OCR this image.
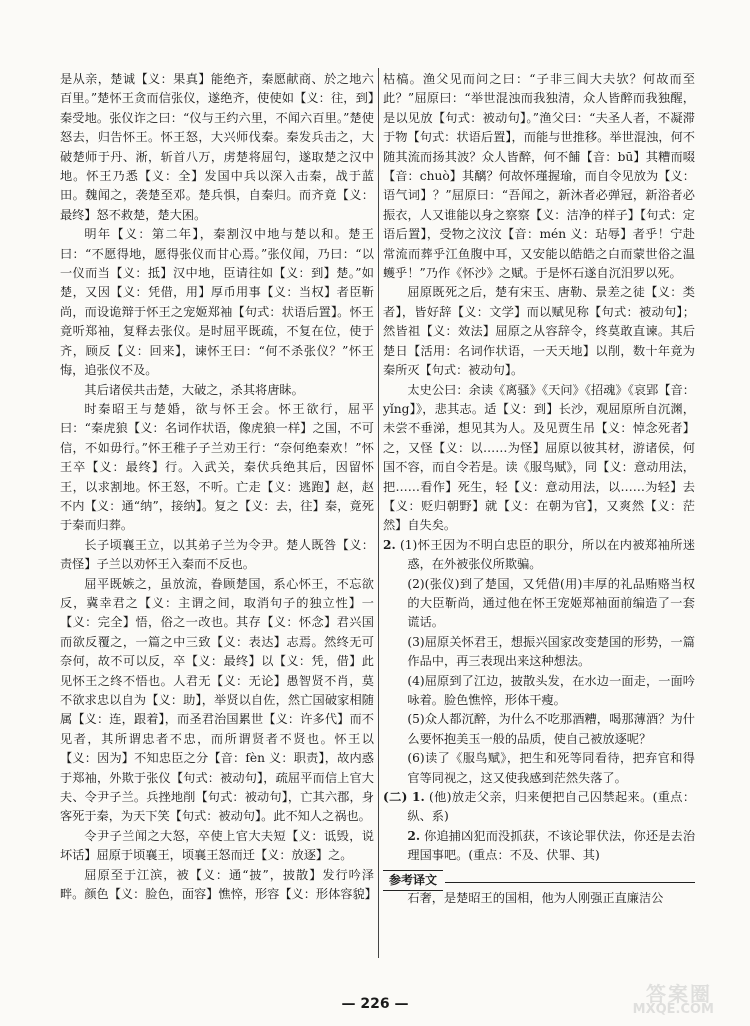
是从亲，楚诚【义：果真】能绝齐，秦愿献商、於之地六百里。”楚怀王贪而信张仪，遂绝齐，使使如【义：往，到】秦受地。张仪诈之曰：“仪与王约六里，不闻六百里。”楚使怒去，归告怀王。怀王怒，大兴师伐秦。秦发兵击之，大破楚师于丹、淅，斩首八万，虏楚将屈匄，遂取楚之汉中地。怀王乃悉【义：全】发国中兵以深入击秦，战于蓝田。魏闻之，袭楚至邓。楚兵惧，自秦归。而齐竟【义：最终】怒不救楚，楚大困。

明年【义：第二年】，秦割汉中地与楚以和。楚王曰：“不愿得地，愿得张仪而甘心焉。”张仪闻，乃曰：“以一仪而当【义：抵】汉中地，臣请往如【义：到】楚。”如楚，又因【义：凭借，用】厚币用事【义：当权】者臣靳尚，而设诡辩于怀王之宠姬郑袖【句式：状语后置】。怀王竟听郑袖，复释去张仪。是时屈平既疏，不复在位，使于齐，顾反【义：回来】，谏怀王曰：“何不杀张仪？”怀王悔，追张仪不及。

其后诸侯共击楚，大破之，杀其将唐眛。

时秦昭王与楚婚，欲与怀王会。怀王欲行，屈平曰：“秦虎狼【义：名词作状语，像虎狼一样】之国，不可信，不如毋行。”怀王稚子子兰劝王行：“奈何绝秦欢！”怀王卒【义：最终】行。入武关，秦伏兵绝其后，因留怀王，以求割地。怀王怒，不听。亡走【义：逃跑】赵，赵不内【义：通“纳”，接纳】。复之【义：去，往】秦，竟死于秦而归葬。

长子顷襄王立，以其弟子兰为令尹。楚人既咎【义：责怪】子兰以劝怀王入秦而不反也。

屈平既嫉之，虽放流，眷顾楚国，系心怀王，不忘欲反，冀幸君之【义：主谓之间，取消句子的独立性】一【义：完全】悟，俗之一改也。其存【义：怀念】君兴国而欲反覆之，一篇之中三致【义：表达】志焉。然终无可奈何，故不可以反，卒【义：最终】以【义：凭，借】此见怀王之终不悟也。人君无【义：无论】愚智贤不肖，莫不欲求忠以自为【义：助】，举贤以自佐，然亡国破家相随属【义：连，跟着】，而圣君治国累世【义：许多代】而不见者，其所谓忠者不忠，而所谓贤者不贤也。怀王以【义：因为】不知忠臣之分【音：fèn 义：职责】，故内惑于郑袖，外欺于张仪【句式：被动句】，疏屈平而信上官大夫、令尹子兰。兵挫地削【句式：被动句】，亡其六郡，身客死于秦，为天下笑【句式：被动句】。此不知人之祸也。

令尹子兰闻之大怒，卒使上官大夫短【义：诋毁，说坏话】屈原于顷襄王，顷襄王怒而迁【义：放逐】之。

屈原至于江滨，被【义：通“披”，披散】发行吟泽畔。颜色【义：脸色，面容】憔悴，形容【义：形体容貌】

枯槁。渔父见而问之曰：“子非三闾大夫欤？何故而至此？”屈原曰：“举世混浊而我独清，众人皆醉而我独醒，是以见放【句式：被动句】。”渔父曰：“夫圣人者，不凝滞于物【句式：状语后置】，而能与世推移。举世混浊，何不随其流而扬其波？众人皆醉，何不餔【音：bū】其糟而啜【音：chuò】其醨？何故怀瑾握瑜，而自令见放为【义：语气词】？”屈原曰：“吾闻之，新沐者必弹冠，新浴者必振衣，人又谁能以身之察察【义：洁净的样子】【句式：定语后置】，受物之汶汶【音：mén 义：玷辱】者乎！宁赴常流而葬乎江鱼腹中耳，又安能以皓皓之白而蒙世俗之温蠖乎！”乃作《怀沙》之赋。于是怀石遂自沉汨罗以死。

屈原既死之后，楚有宋玉、唐勒、景差之徒【义：类者】，皆好辞【义：文学】而以赋见称【句式：被动句】；然皆祖【义：效法】屈原之从容辞令，终莫敢直谏。其后楚日【活用：名词作状语，一天天地】以削，数十年竟为秦所灭【句式：被动句】。

太史公曰：余读《离骚》《天问》《招魂》《哀郢【音：yǐng】》，悲其志。适【义：到】长沙，观屈原所自沉渊，未尝不垂涕，想见其为人。及见贾生吊【义：悼念死者】之，又怪【义：以……为怪】屈原以彼其材，游诸侯，何国不容，而自令若是。读《服鸟赋》，同【义：意动用法，把……看作】死生，轻【义：意动用法，以……为轻】去【义：贬归朝野】就【义：在朝为官】，又爽然【义：茫然】自失矣。

2. (1)怀王因为不明白忠臣的职分，所以在内被郑袖所迷惑，在外被张仪所欺骗。

(2)(张仪)到了楚国，又凭借(用)丰厚的礼品贿赂当权的大臣靳尚，通过他在怀王宠姬郑袖面前编造了一套谎话。

(3)屈原关怀君王，想振兴国家改变楚国的形势，一篇作品中，再三表现出来这种想法。

(4)屈原到了江边，披散头发，在水边一面走，一面吟咏着。脸色憔悴，形体干瘦。

(5)众人都沉醉，为什么不吃那酒糟，喝那薄酒？为什么要怀抱美玉一般的品质，使自己被放逐呢？

(6)读了《服鸟赋》，把生和死等同看待，把弃官和得官等同视之，这又使我感到茫然失落了。

(二) 1. (他)放走父亲，归来便把自己囚禁起来。(重点：纵、系)

2. 你追捕凶犯而没抓获，不该论罪伏法，你还是去治理国事吧。(重点：不及、伏罪、其)

参考译文

石奢，是楚昭王的国相，他为人刚强正直廉洁公

— 226 —	答案圈
MXQE.COM
